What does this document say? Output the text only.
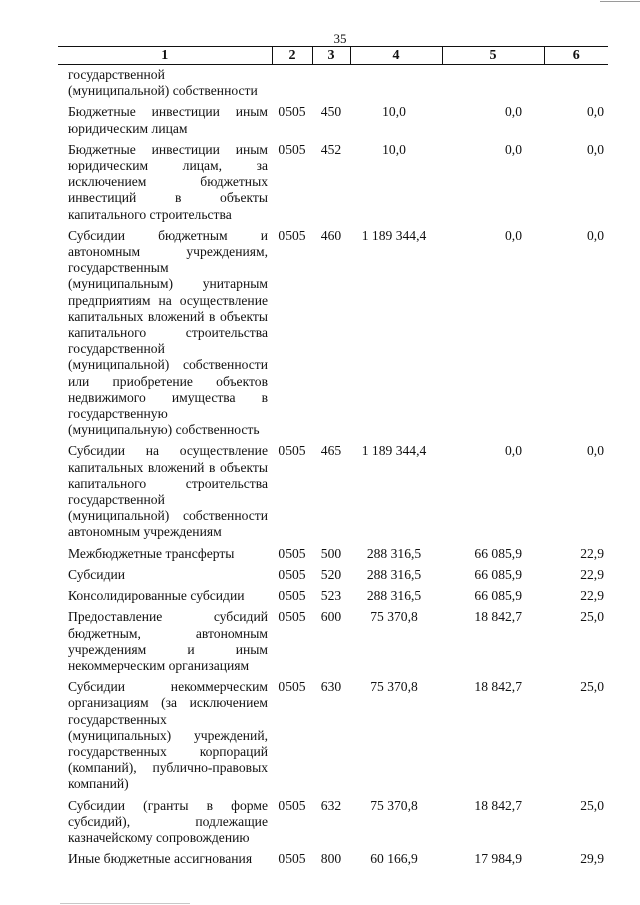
35
1	2	3	4	5	6
государственной (муниципальной) собственности					
Бюджетные инвестиции иным юридическим лицам	0505	450	10,0	0,0	0,0
Бюджетные инвестиции иным юридическим лицам, за исключением бюджетных инвестиций в объекты капитального строительства	0505	452	10,0	0,0	0,0
Субсидии бюджетным и автономным учреждениям, государственным (муниципальным) унитарным предприятиям на осуществление капитальных вложений в объекты капитального строительства государственной (муниципальной) собственности или приобретение объектов недвижимого имущества в государственную (муниципальную) собственность	0505	460	1 189 344,4	0,0	0,0
Субсидии на осуществление капитальных вложений в объекты капитального строительства государственной (муниципальной) собственности автономным учреждениям	0505	465	1 189 344,4	0,0	0,0
Межбюджетные трансферты	0505	500	288 316,5	66 085,9	22,9
Субсидии	0505	520	288 316,5	66 085,9	22,9
Консолидированные субсидии	0505	523	288 316,5	66 085,9	22,9
Предоставление субсидий бюджетным, автономным учреждениям и иным некоммерческим организациям	0505	600	75 370,8	18 842,7	25,0
Субсидии некоммерческим организациям (за исключением государственных (муниципальных) учреждений, государственных корпораций (компаний), публично-правовых компаний)	0505	630	75 370,8	18 842,7	25,0
Субсидии (гранты в форме субсидий), подлежащие казначейскому сопровождению	0505	632	75 370,8	18 842,7	25,0
Иные бюджетные ассигнования	0505	800	60 166,9	17 984,9	29,9
